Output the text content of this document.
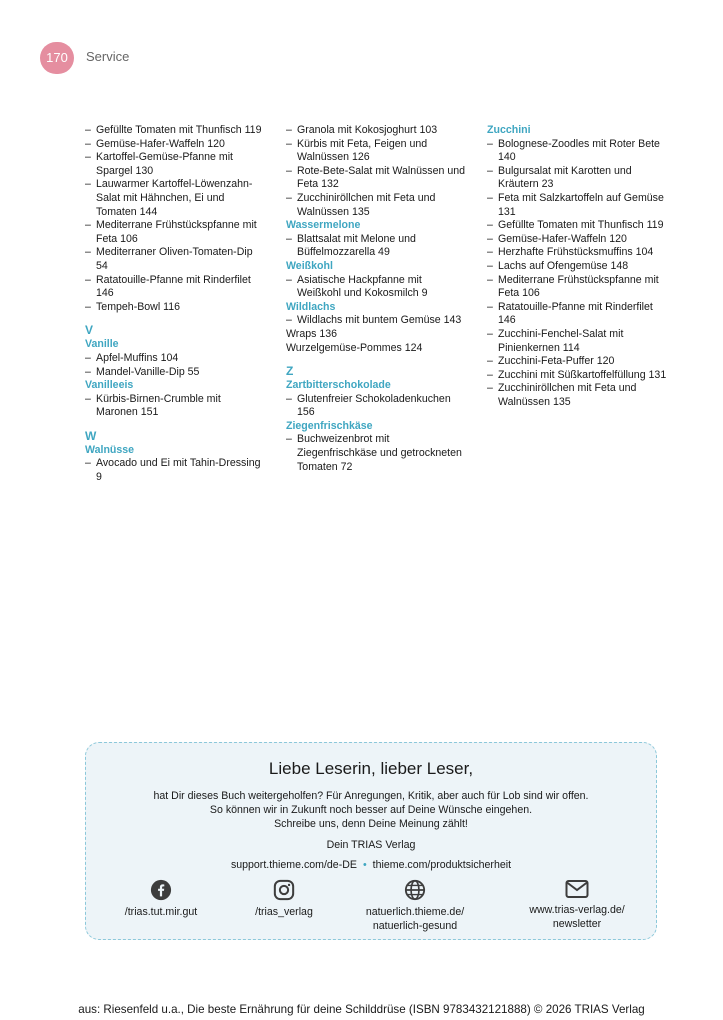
170	Service
– Gefüllte Tomaten mit Thunfisch 119
– Gemüse-Hafer-Waffeln 120
– Kartoffel-Gemüse-Pfanne mit Spargel 130
– Lauwarmer Kartoffel-Löwenzahn-Salat mit Hähnchen, Ei und Tomaten 144
– Mediterrane Frühstückspfanne mit Feta 106
– Mediterraner Oliven-Tomaten-Dip 54
– Ratatouille-Pfanne mit Rinderfilet 146
– Tempeh-Bowl 116
V
Vanille
– Apfel-Muffins 104
– Mandel-Vanille-Dip 55
Vanilleeis
– Kürbis-Birnen-Crumble mit Maronen 151
W
Walnüsse
– Avocado und Ei mit Tahin-Dressing 9
– Granola mit Kokosjoghurt 103
– Kürbis mit Feta, Feigen und Walnüssen 126
– Rote-Bete-Salat mit Walnüssen und Feta 132
– Zucchiniröllchen mit Feta und Walnüssen 135
Wassermelone
– Blattsalat mit Melone und Büffelmozzarella 49
Weißkohl
– Asiatische Hackpfanne mit Weißkohl und Kokosmilch 9
Wildlachs
– Wildlachs mit buntem Gemüse 143
Wraps 136
Wurzelgemüse-Pommes 124
Z
Zartbitterschokolade
– Glutenfreier Schokoladenkuchen 156
Ziegenfrischkäse
– Buchweizenbrot mit Ziegenfrischkäse und getrockneten Tomaten 72
Zucchini
– Bolognese-Zoodles mit Roter Bete 140
– Bulgursalat mit Karotten und Kräutern 23
– Feta mit Salzkartoffeln auf Gemüse 131
– Gefüllte Tomaten mit Thunfisch 119
– Gemüse-Hafer-Waffeln 120
– Herzhafte Frühstücksmuffins 104
– Lachs auf Ofengemüse 148
– Mediterrane Frühstückspfanne mit Feta 106
– Ratatouille-Pfanne mit Rinderfilet 146
– Zucchini-Fenchel-Salat mit Pinienkernen 114
– Zucchini-Feta-Puffer 120
– Zucchini mit Süßkartoffelfüllung 131
– Zucchiniröllchen mit Feta und Walnüssen 135
Liebe Leserin, lieber Leser,
hat Dir dieses Buch weitergeholfen? Für Anregungen, Kritik, aber auch für Lob sind wir offen.
So können wir in Zukunft noch besser auf Deine Wünsche eingehen.
Schreibe uns, denn Deine Meinung zählt!
Dein TRIAS Verlag
support.thieme.com/de-DE • thieme.com/produktsicherheit
/trias.tut.mir.gut	/trias_verlag	natuerlich.thieme.de/
natuerlich-gesund
www.trias-verlag.de/
newsletter
aus: Riesenfeld u.a., Die beste Ernährung für deine Schilddrüse (ISBN 9783432121888) © 2026 TRIAS Verlag
